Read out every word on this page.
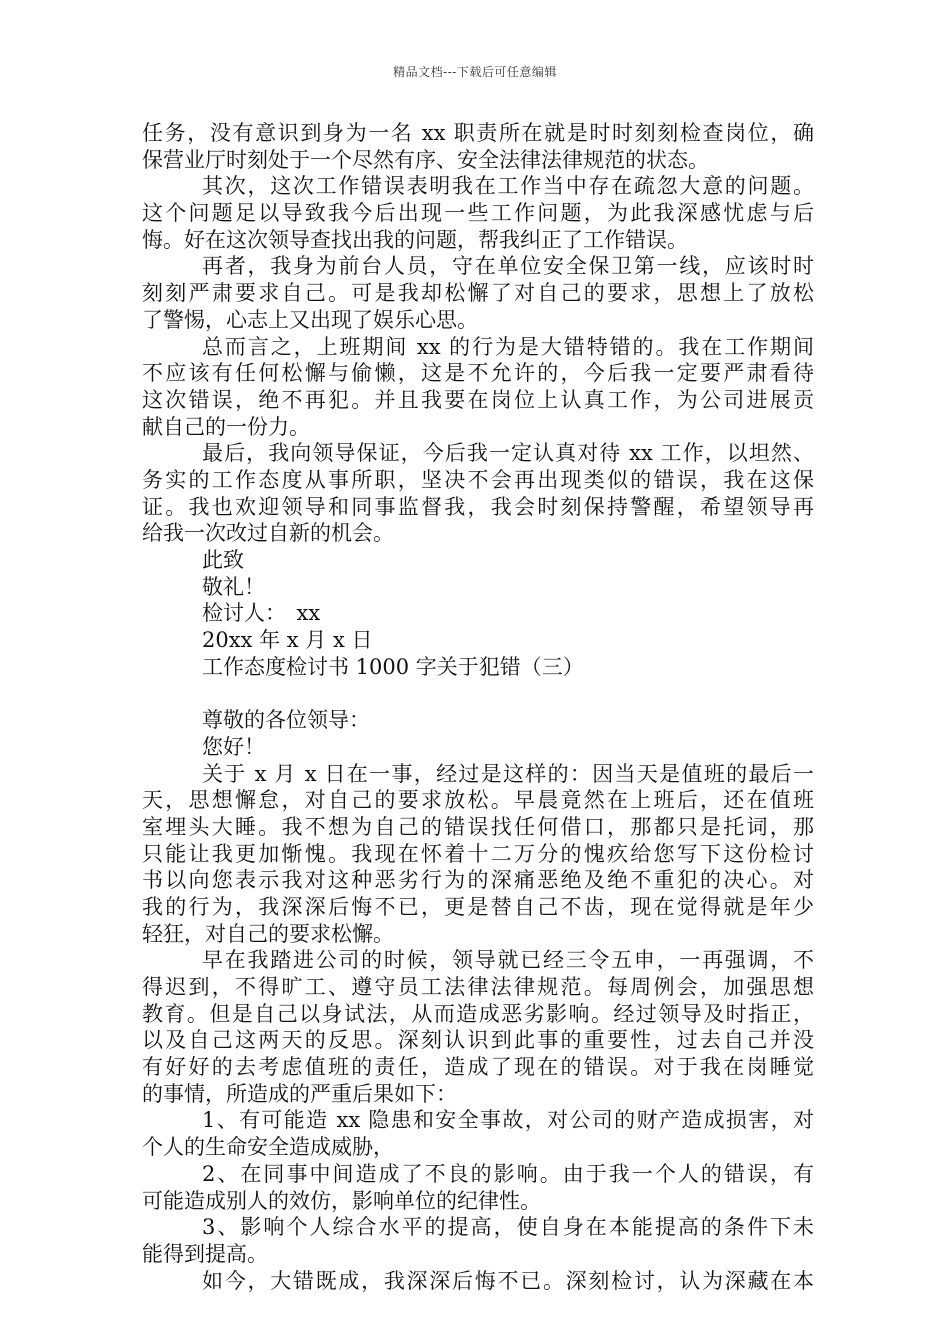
精品文档---下载后可任意编辑
任务，没有意识到身为一名 xx 职责所在就是时时刻刻检查岗位，确
保营业厅时刻处于一个尽然有序、安全法律法律规范的状态。
其次，这次工作错误表明我在工作当中存在疏忽大意的问题。
这个问题足以导致我今后出现一些工作问题，为此我深感忧虑与后
悔。好在这次领导查找出我的问题，帮我纠正了工作错误。
再者，我身为前台人员，守在单位安全保卫第一线，应该时时
刻刻严肃要求自己。可是我却松懈了对自己的要求，思想上了放松
了警惕，心志上又出现了娱乐心思。
总而言之，上班期间 xx 的行为是大错特错的。我在工作期间
不应该有任何松懈与偷懒，这是不允许的，今后我一定要严肃看待
这次错误，绝不再犯。并且我要在岗位上认真工作，为公司进展贡
献自己的一份力。
最后，我向领导保证，今后我一定认真对待 xx 工作，以坦然、
务实的工作态度从事所职，坚决不会再出现类似的错误，我在这保
证。我也欢迎领导和同事监督我，我会时刻保持警醒，希望领导再
给我一次改过自新的机会。
此致
敬礼！
检讨人：　xx
20xx 年 x 月 x 日
工作态度检讨书 1000 字关于犯错（三）
尊敬的各位领导：
您好！
关于 x 月 x 日在一事，经过是这样的：因当天是值班的最后一
天，思想懈怠，对自己的要求放松。早晨竟然在上班后，还在值班
室埋头大睡。我不想为自己的错误找任何借口，那都只是托词，那
只能让我更加惭愧。我现在怀着十二万分的愧疚给您写下这份检讨
书以向您表示我对这种恶劣行为的深痛恶绝及绝不重犯的决心。对
我的行为，我深深后悔不已，更是替自己不齿，现在觉得就是年少
轻狂，对自己的要求松懈。
早在我踏进公司的时候，领导就已经三令五申，一再强调，不
得迟到，不得旷工、遵守员工法律法律规范。每周例会，加强思想
教育。但是自己以身试法，从而造成恶劣影响。经过领导及时指正，
以及自己这两天的反思。深刻认识到此事的重要性，过去自己并没
有好好的去考虑值班的责任，造成了现在的错误。对于我在岗睡觉
的事情，所造成的严重后果如下：
1、有可能造 xx 隐患和安全事故，对公司的财产造成损害，对
个人的生命安全造成威胁，
2、在同事中间造成了不良的影响。由于我一个人的错误，有
可能造成别人的效仿，影响单位的纪律性。
3、影响个人综合水平的提高，使自身在本能提高的条件下未
能得到提高。
如今，大错既成，我深深后悔不已。深刻检讨，认为深藏在本
